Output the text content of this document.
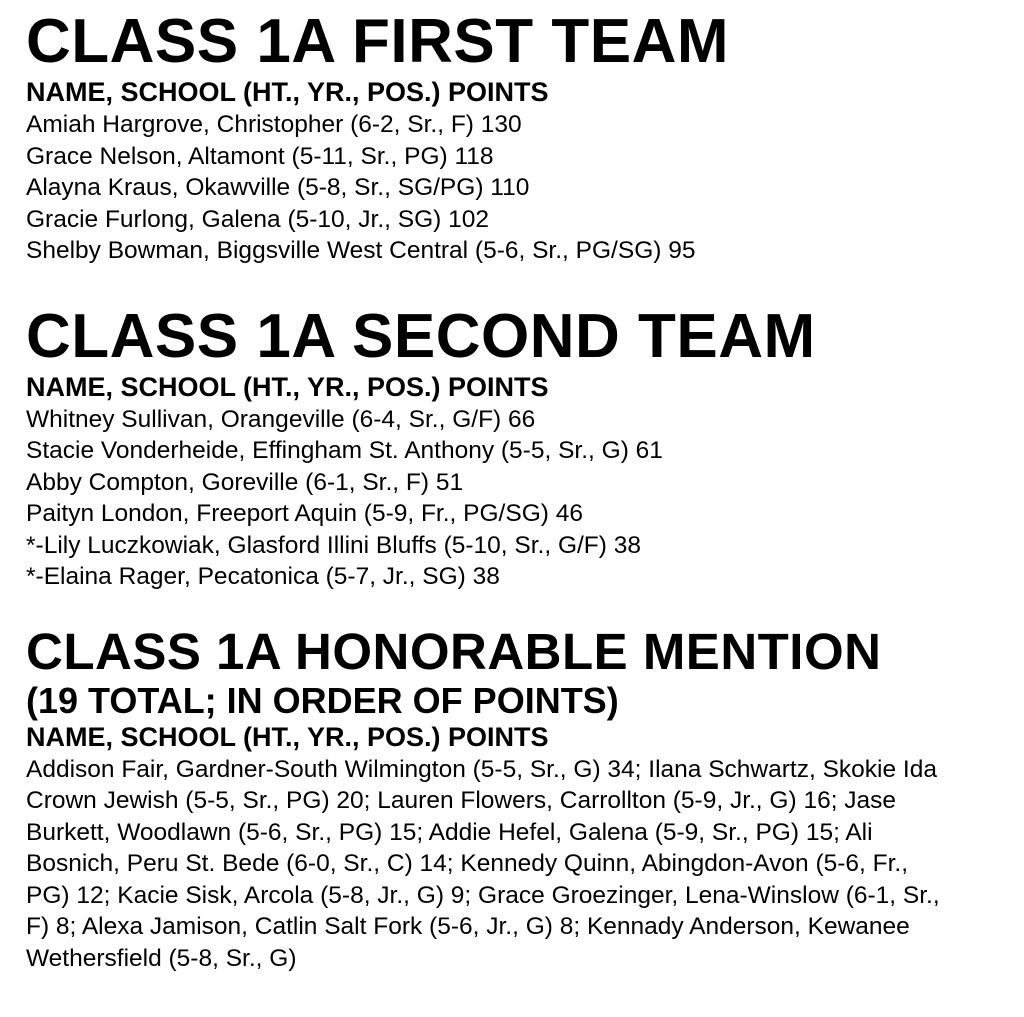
CLASS 1A FIRST TEAM
NAME, SCHOOL (HT., YR., POS.) POINTS
Amiah Hargrove, Christopher (6-2, Sr., F) 130
Grace Nelson, Altamont (5-11, Sr., PG) 118
Alayna Kraus, Okawville (5-8, Sr., SG/PG) 110
Gracie Furlong, Galena (5-10, Jr., SG) 102
Shelby Bowman, Biggsville West Central (5-6, Sr., PG/SG) 95
CLASS 1A SECOND TEAM
NAME, SCHOOL (HT., YR., POS.) POINTS
Whitney Sullivan, Orangeville (6-4, Sr., G/F) 66
Stacie Vonderheide, Effingham St. Anthony (5-5, Sr., G) 61
Abby Compton, Goreville (6-1, Sr., F) 51
Paityn London, Freeport Aquin (5-9, Fr., PG/SG) 46
*-Lily Luczkowiak, Glasford Illini Bluffs (5-10, Sr., G/F) 38
*-Elaina Rager, Pecatonica (5-7, Jr., SG) 38
CLASS 1A HONORABLE MENTION
(19 TOTAL; IN ORDER OF POINTS)
NAME, SCHOOL (HT., YR., POS.) POINTS

Addison Fair, Gardner-South Wilmington (5-5, Sr., G) 34; Ilana Schwartz, Skokie Ida Crown Jewish (5-5, Sr., PG) 20; Lauren Flowers, Carrollton (5-9, Jr., G) 16; Jase Burkett, Woodlawn (5-6, Sr., PG) 15; Addie Hefel, Galena (5-9, Sr., PG) 15; Ali Bosnich, Peru St. Bede (6-0, Sr., C) 14; Kennedy Quinn, Abingdon-Avon (5-6, Fr., PG) 12; Kacie Sisk, Arcola (5-8, Jr., G) 9; Grace Groezinger, Lena-Winslow (6-1, Sr., F) 8; Alexa Jamison, Catlin Salt Fork (5-6, Jr., G) 8; Kennady Anderson, Kewanee Wethersfield (5-8, Sr., G)
